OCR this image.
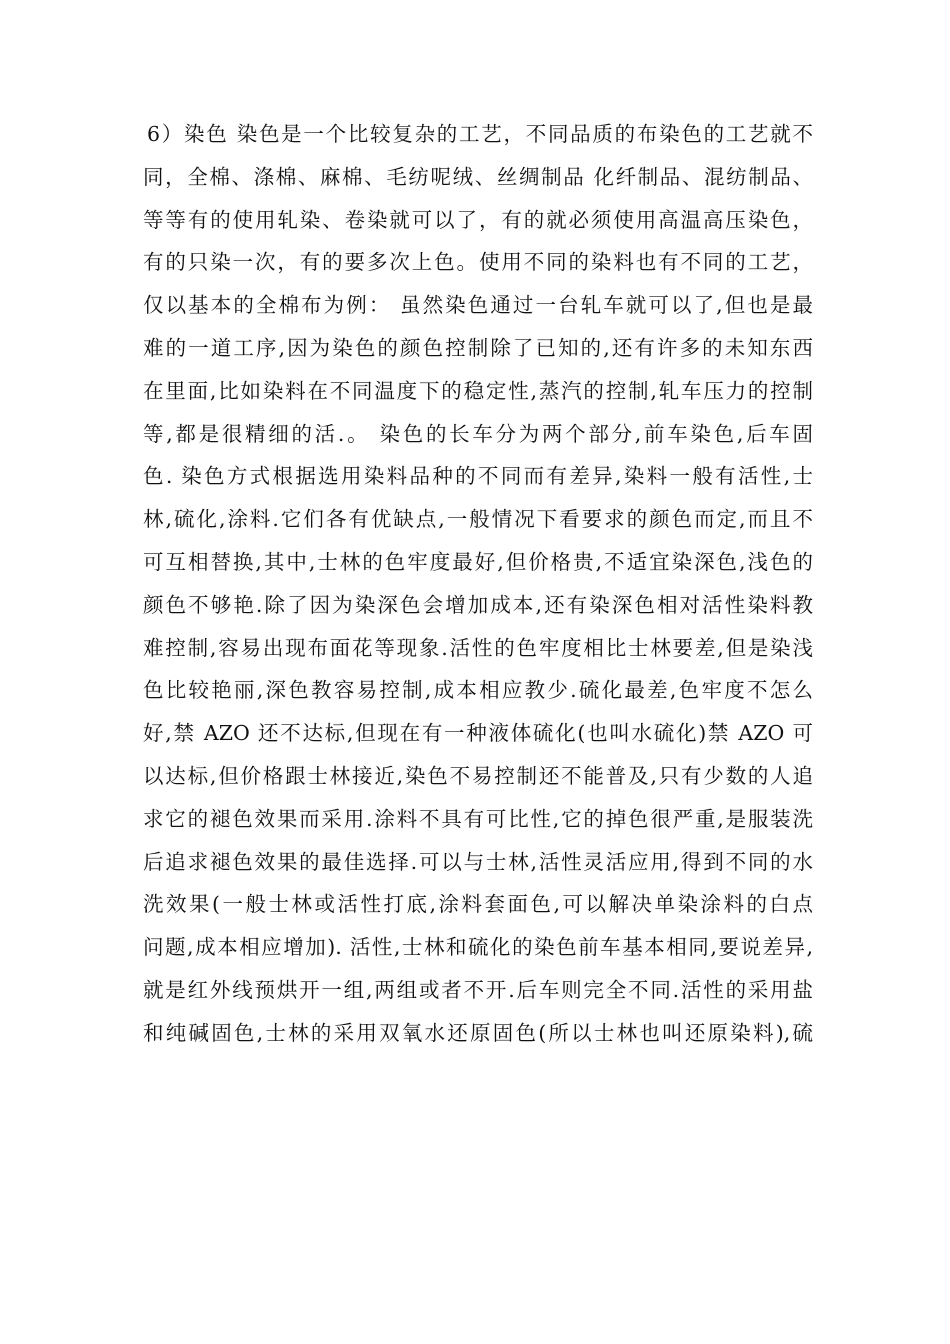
6）染色 染色是一个比较复杂的工艺，不同品质的布染色的工艺就不
同，全棉、涤棉、麻棉、毛纺呢绒、丝绸制品 化纤制品、混纺制品、
等等有的使用轧染、卷染就可以了，有的就必须使用高温高压染色，
有的只染一次，有的要多次上色。使用不同的染料也有不同的工艺，
仅以基本的全棉布为例： 虽然染色通过一台轧车就可以了,但也是最
难的一道工序,因为染色的颜色控制除了已知的,还有许多的未知东西
在里面,比如染料在不同温度下的稳定性,蒸汽的控制,轧车压力的控制
等,都是很精细的活.。 染色的长车分为两个部分,前车染色,后车固
色. 染色方式根据选用染料品种的不同而有差异,染料一般有活性,士
林,硫化,涂料.它们各有优缺点,一般情况下看要求的颜色而定,而且不
可互相替换,其中,士林的色牢度最好,但价格贵,不适宜染深色,浅色的
颜色不够艳.除了因为染深色会增加成本,还有染深色相对活性染料教
难控制,容易出现布面花等现象.活性的色牢度相比士林要差,但是染浅
色比较艳丽,深色教容易控制,成本相应教少.硫化最差,色牢度不怎么
好,禁 AZO 还不达标,但现在有一种液体硫化(也叫水硫化)禁 AZO 可
以达标,但价格跟士林接近,染色不易控制还不能普及,只有少数的人追
求它的褪色效果而采用.涂料不具有可比性,它的掉色很严重,是服装洗
后追求褪色效果的最佳选择.可以与士林,活性灵活应用,得到不同的水
洗效果(一般士林或活性打底,涂料套面色,可以解决单染涂料的白点
问题,成本相应增加). 活性,士林和硫化的染色前车基本相同,要说差异,
就是红外线预烘开一组,两组或者不开.后车则完全不同.活性的采用盐
和纯碱固色,士林的采用双氧水还原固色(所以士林也叫还原染料),硫
